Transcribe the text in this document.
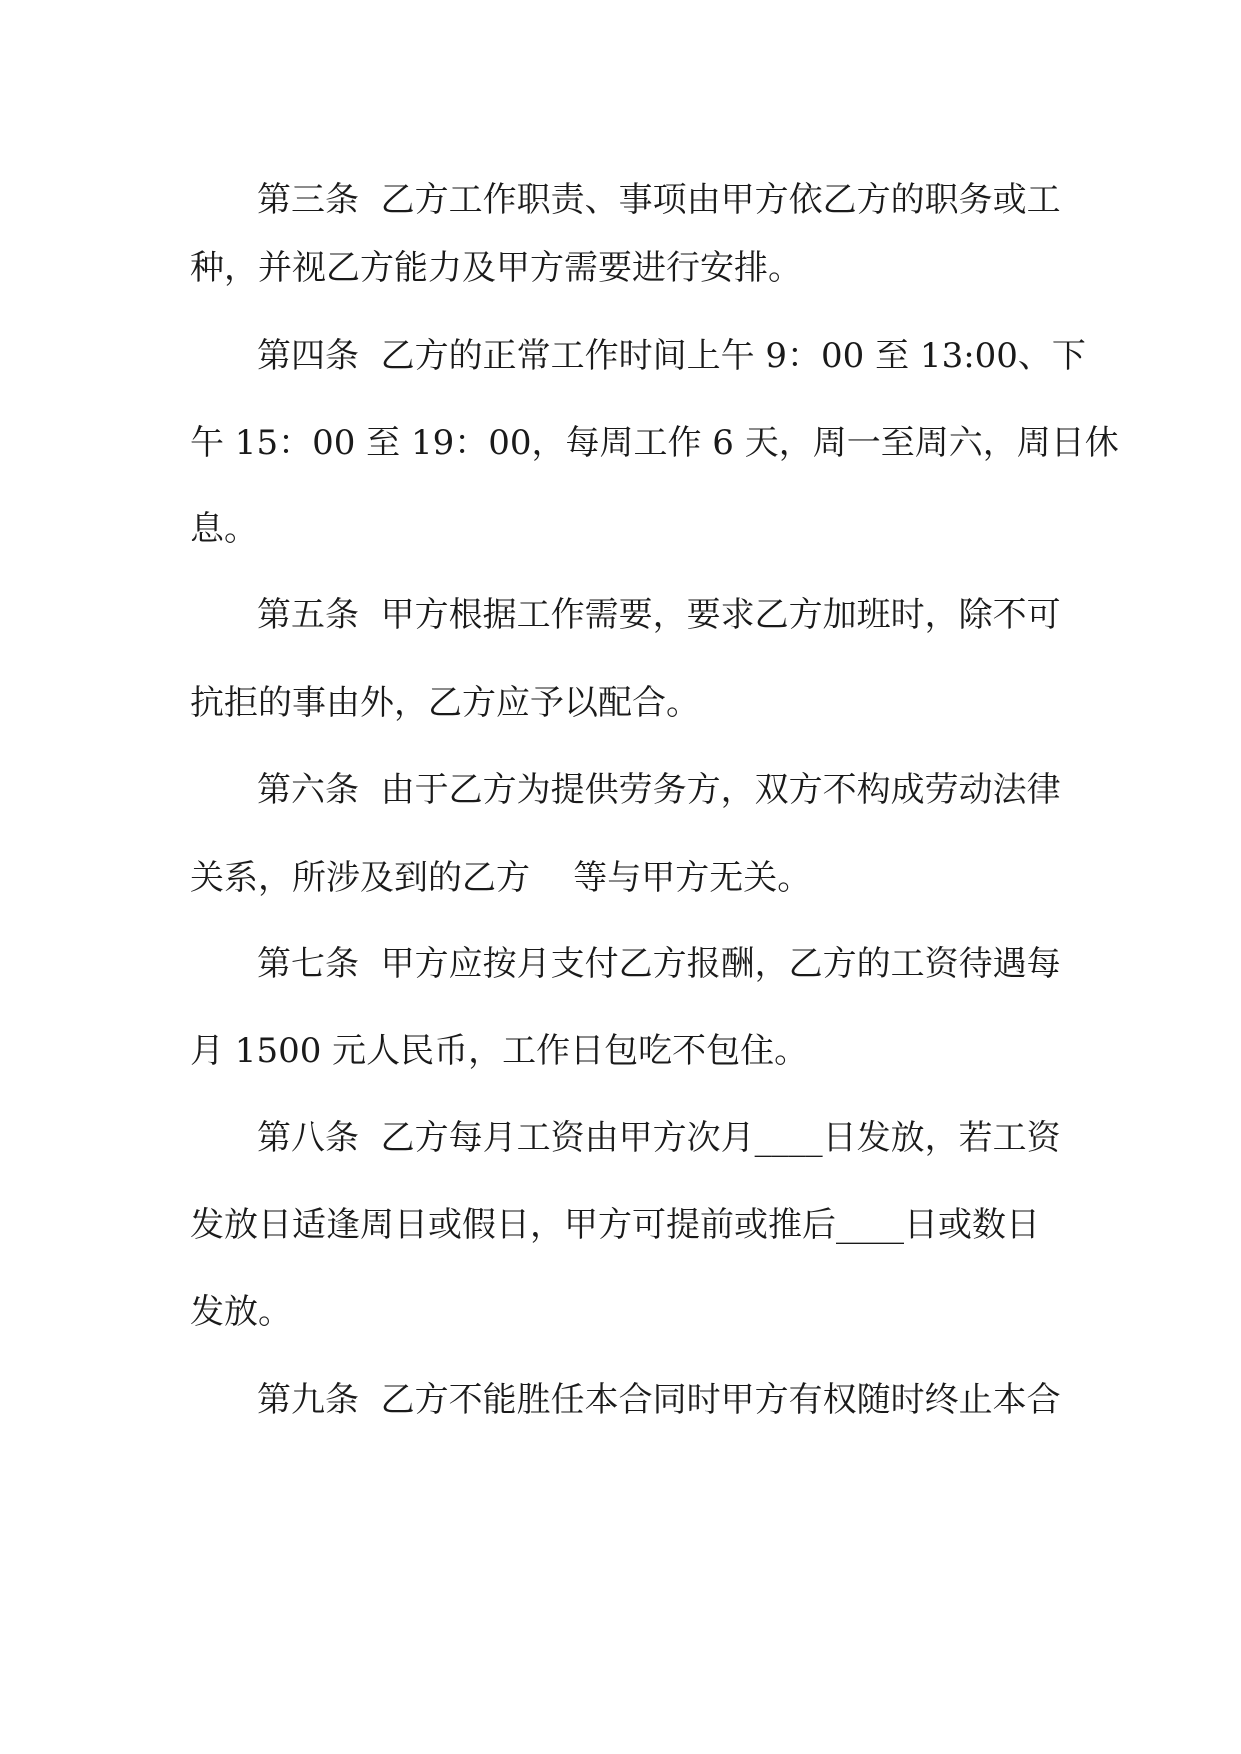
第三条  乙方工作职责、事项由甲方依乙方的职务或工
种，并视乙方能力及甲方需要进行安排。
第四条  乙方的正常工作时间上午 9：00 至 13:00、下
午 15：00 至 19：00，每周工作 6 天，周一至周六，周日休
息。
第五条  甲方根据工作需要，要求乙方加班时，除不可
抗拒的事由外，乙方应予以配合。
第六条  由于乙方为提供劳务方，双方不构成劳动法律
关系，所涉及到的乙方    等与甲方无关。
第七条  甲方应按月支付乙方报酬，乙方的工资待遇每
月 1500 元人民币，工作日包吃不包住。
第八条  乙方每月工资由甲方次月____日发放，若工资
发放日适逢周日或假日，甲方可提前或推后____日或数日
发放。
第九条  乙方不能胜任本合同时甲方有权随时终止本合
